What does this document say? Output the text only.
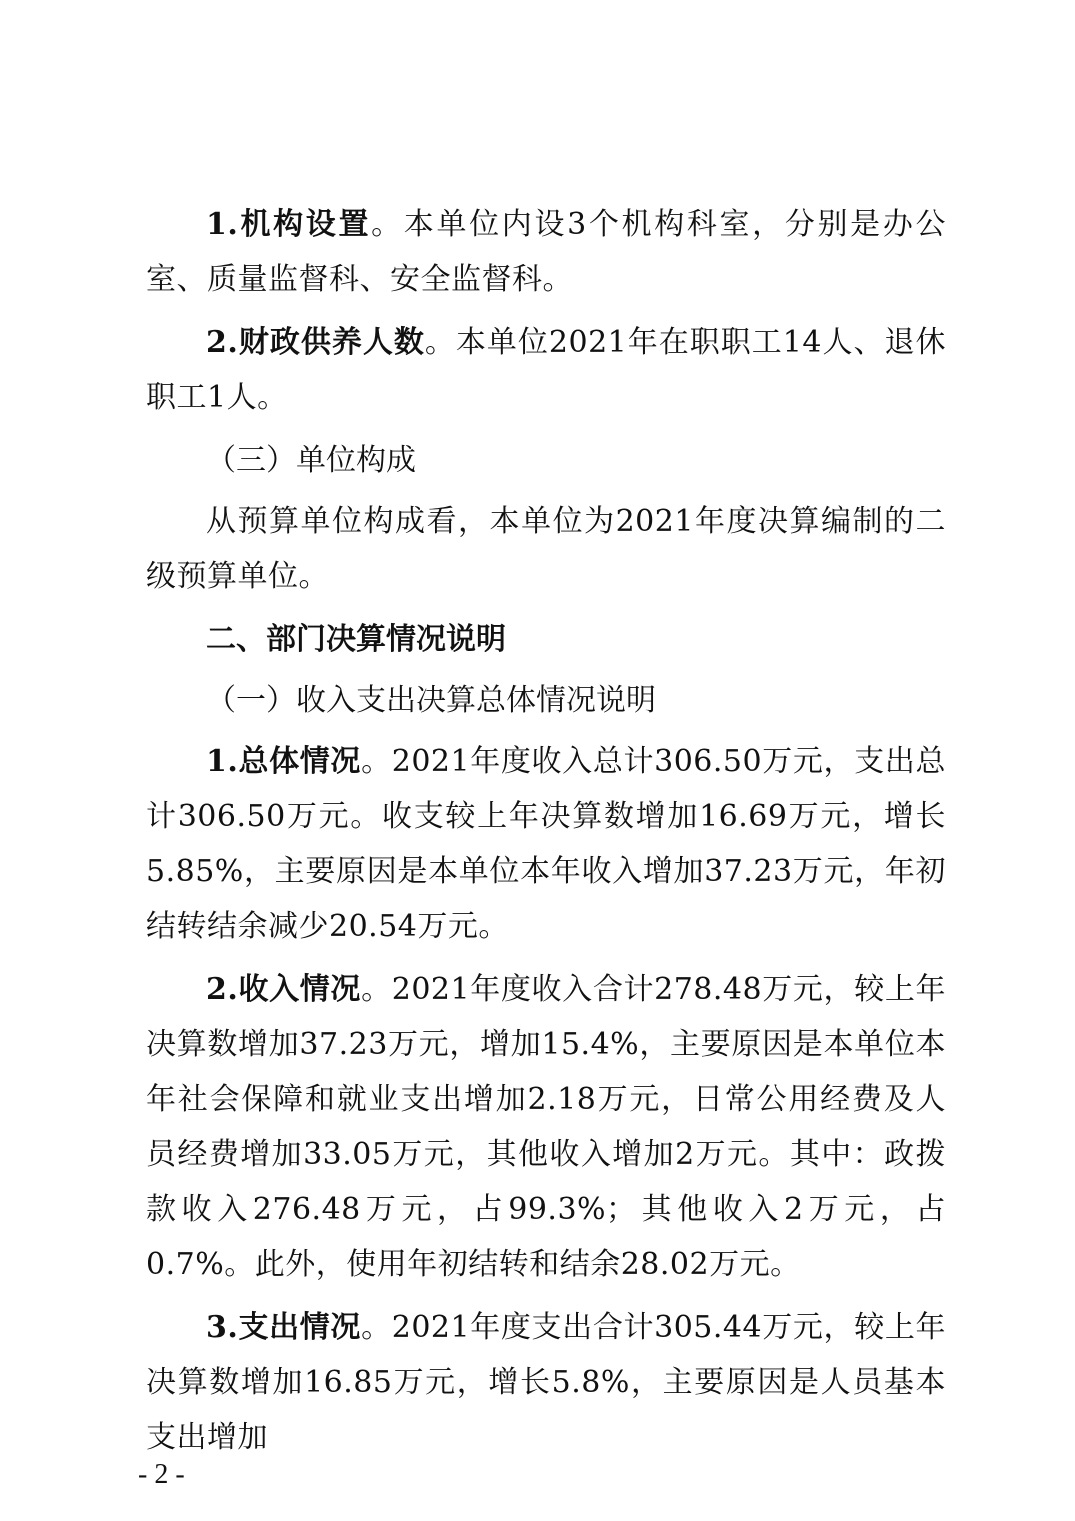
1.机构设置。本单位内设3个机构科室，分别是办公室、质量监督科、安全监督科。

2.财政供养人数。本单位2021年在职职工14人、退休职工1人。

（三）单位构成

从预算单位构成看，本单位为2021年度决算编制的二级预算单位。

二、部门决算情况说明

（一）收入支出决算总体情况说明

1.总体情况。2021年度收入总计306.50万元，支出总计306.50万元。收支较上年决算数增加16.69万元，增长5.85%，主要原因是本单位本年收入增加37.23万元，年初结转结余减少20.54万元。

2.收入情况。2021年度收入合计278.48万元，较上年决算数增加37.23万元，增加15.4%，主要原因是本单位本年社会保障和就业支出增加2.18万元，日常公用经费及人员经费增加33.05万元，其他收入增加2万元。其中：政拨款收入276.48万元，占99.3%；其他收入2万元，占0.7%。此外，使用年初结转和结余28.02万元。

3.支出情况。2021年度支出合计305.44万元，较上年决算数增加16.85万元，增长5.8%，主要原因是人员基本支出增加

- 2 -
